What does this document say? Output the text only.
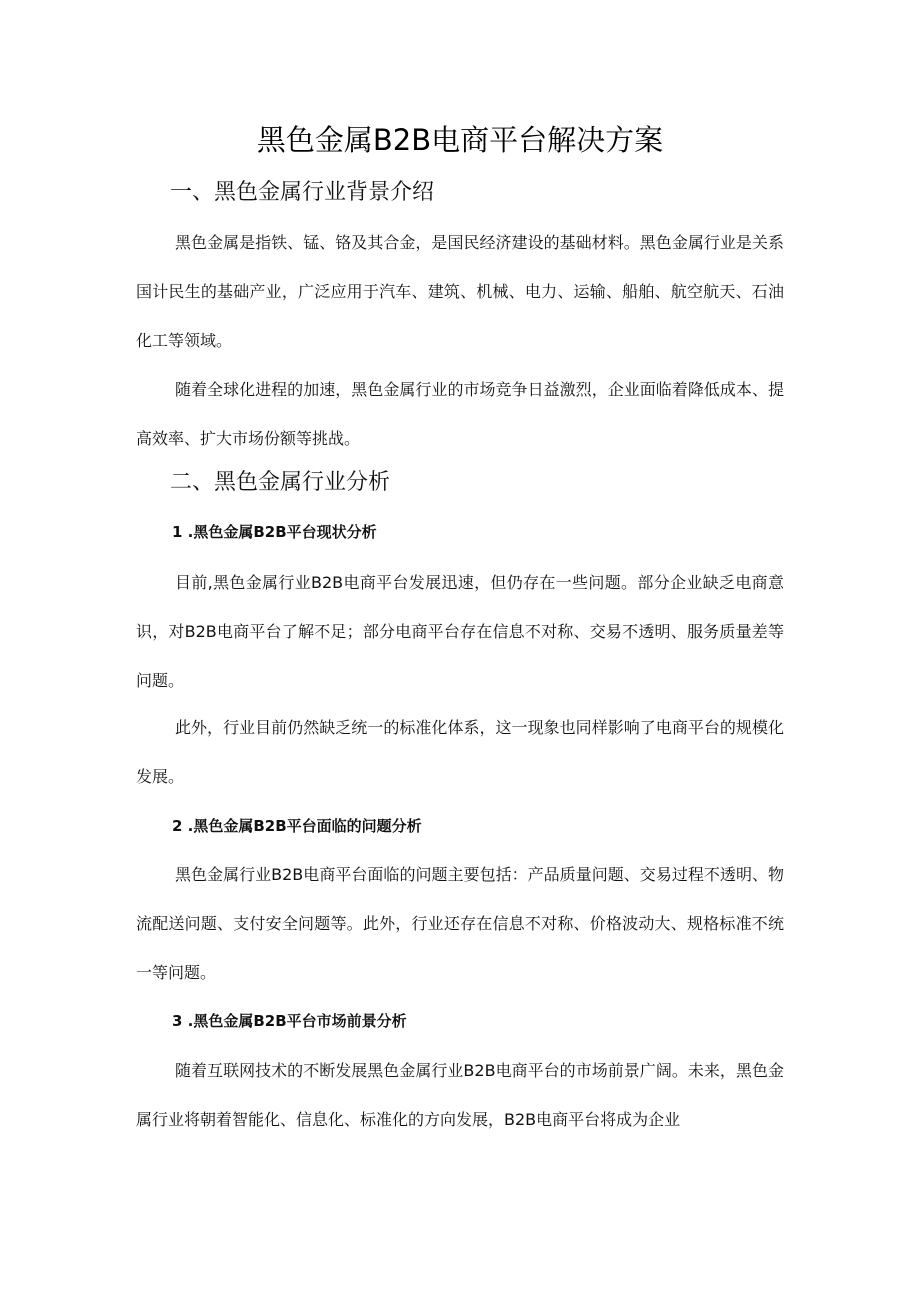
黑色金属B2B电商平台解决方案
一、黑色金属行业背景介绍

黑色金属是指铁、锰、铬及其合金，是国民经济建设的基础材料。黑色金属行业是关系国计民生的基础产业，广泛应用于汽车、建筑、机械、电力、运输、船舶、航空航天、石油化工等领域。

随着全球化进程的加速，黑色金属行业的市场竞争日益激烈，企业面临着降低成本、提高效率、扩大市场份额等挑战。

二、黑色金属行业分析
1 .黑色金属B2B平台现状分析

目前,黑色金属行业B2B电商平台发展迅速，但仍存在一些问题。部分企业缺乏电商意识，对B2B电商平台了解不足；部分电商平台存在信息不对称、交易不透明、服务质量差等问题。

此外，行业目前仍然缺乏统一的标准化体系，这一现象也同样影响了电商平台的规模化发展。

2 .黑色金属B2B平台面临的问题分析

黑色金属行业B2B电商平台面临的问题主要包括：产品质量问题、交易过程不透明、物流配送问题、支付安全问题等。此外，行业还存在信息不对称、价格波动大、规格标准不统一等问题。

3 .黑色金属B2B平台市场前景分析

随着互联网技术的不断发展黑色金属行业B2B电商平台的市场前景广阔。未来，黑色金属行业将朝着智能化、信息化、标准化的方向发展，B2B电商平台将成为企业
